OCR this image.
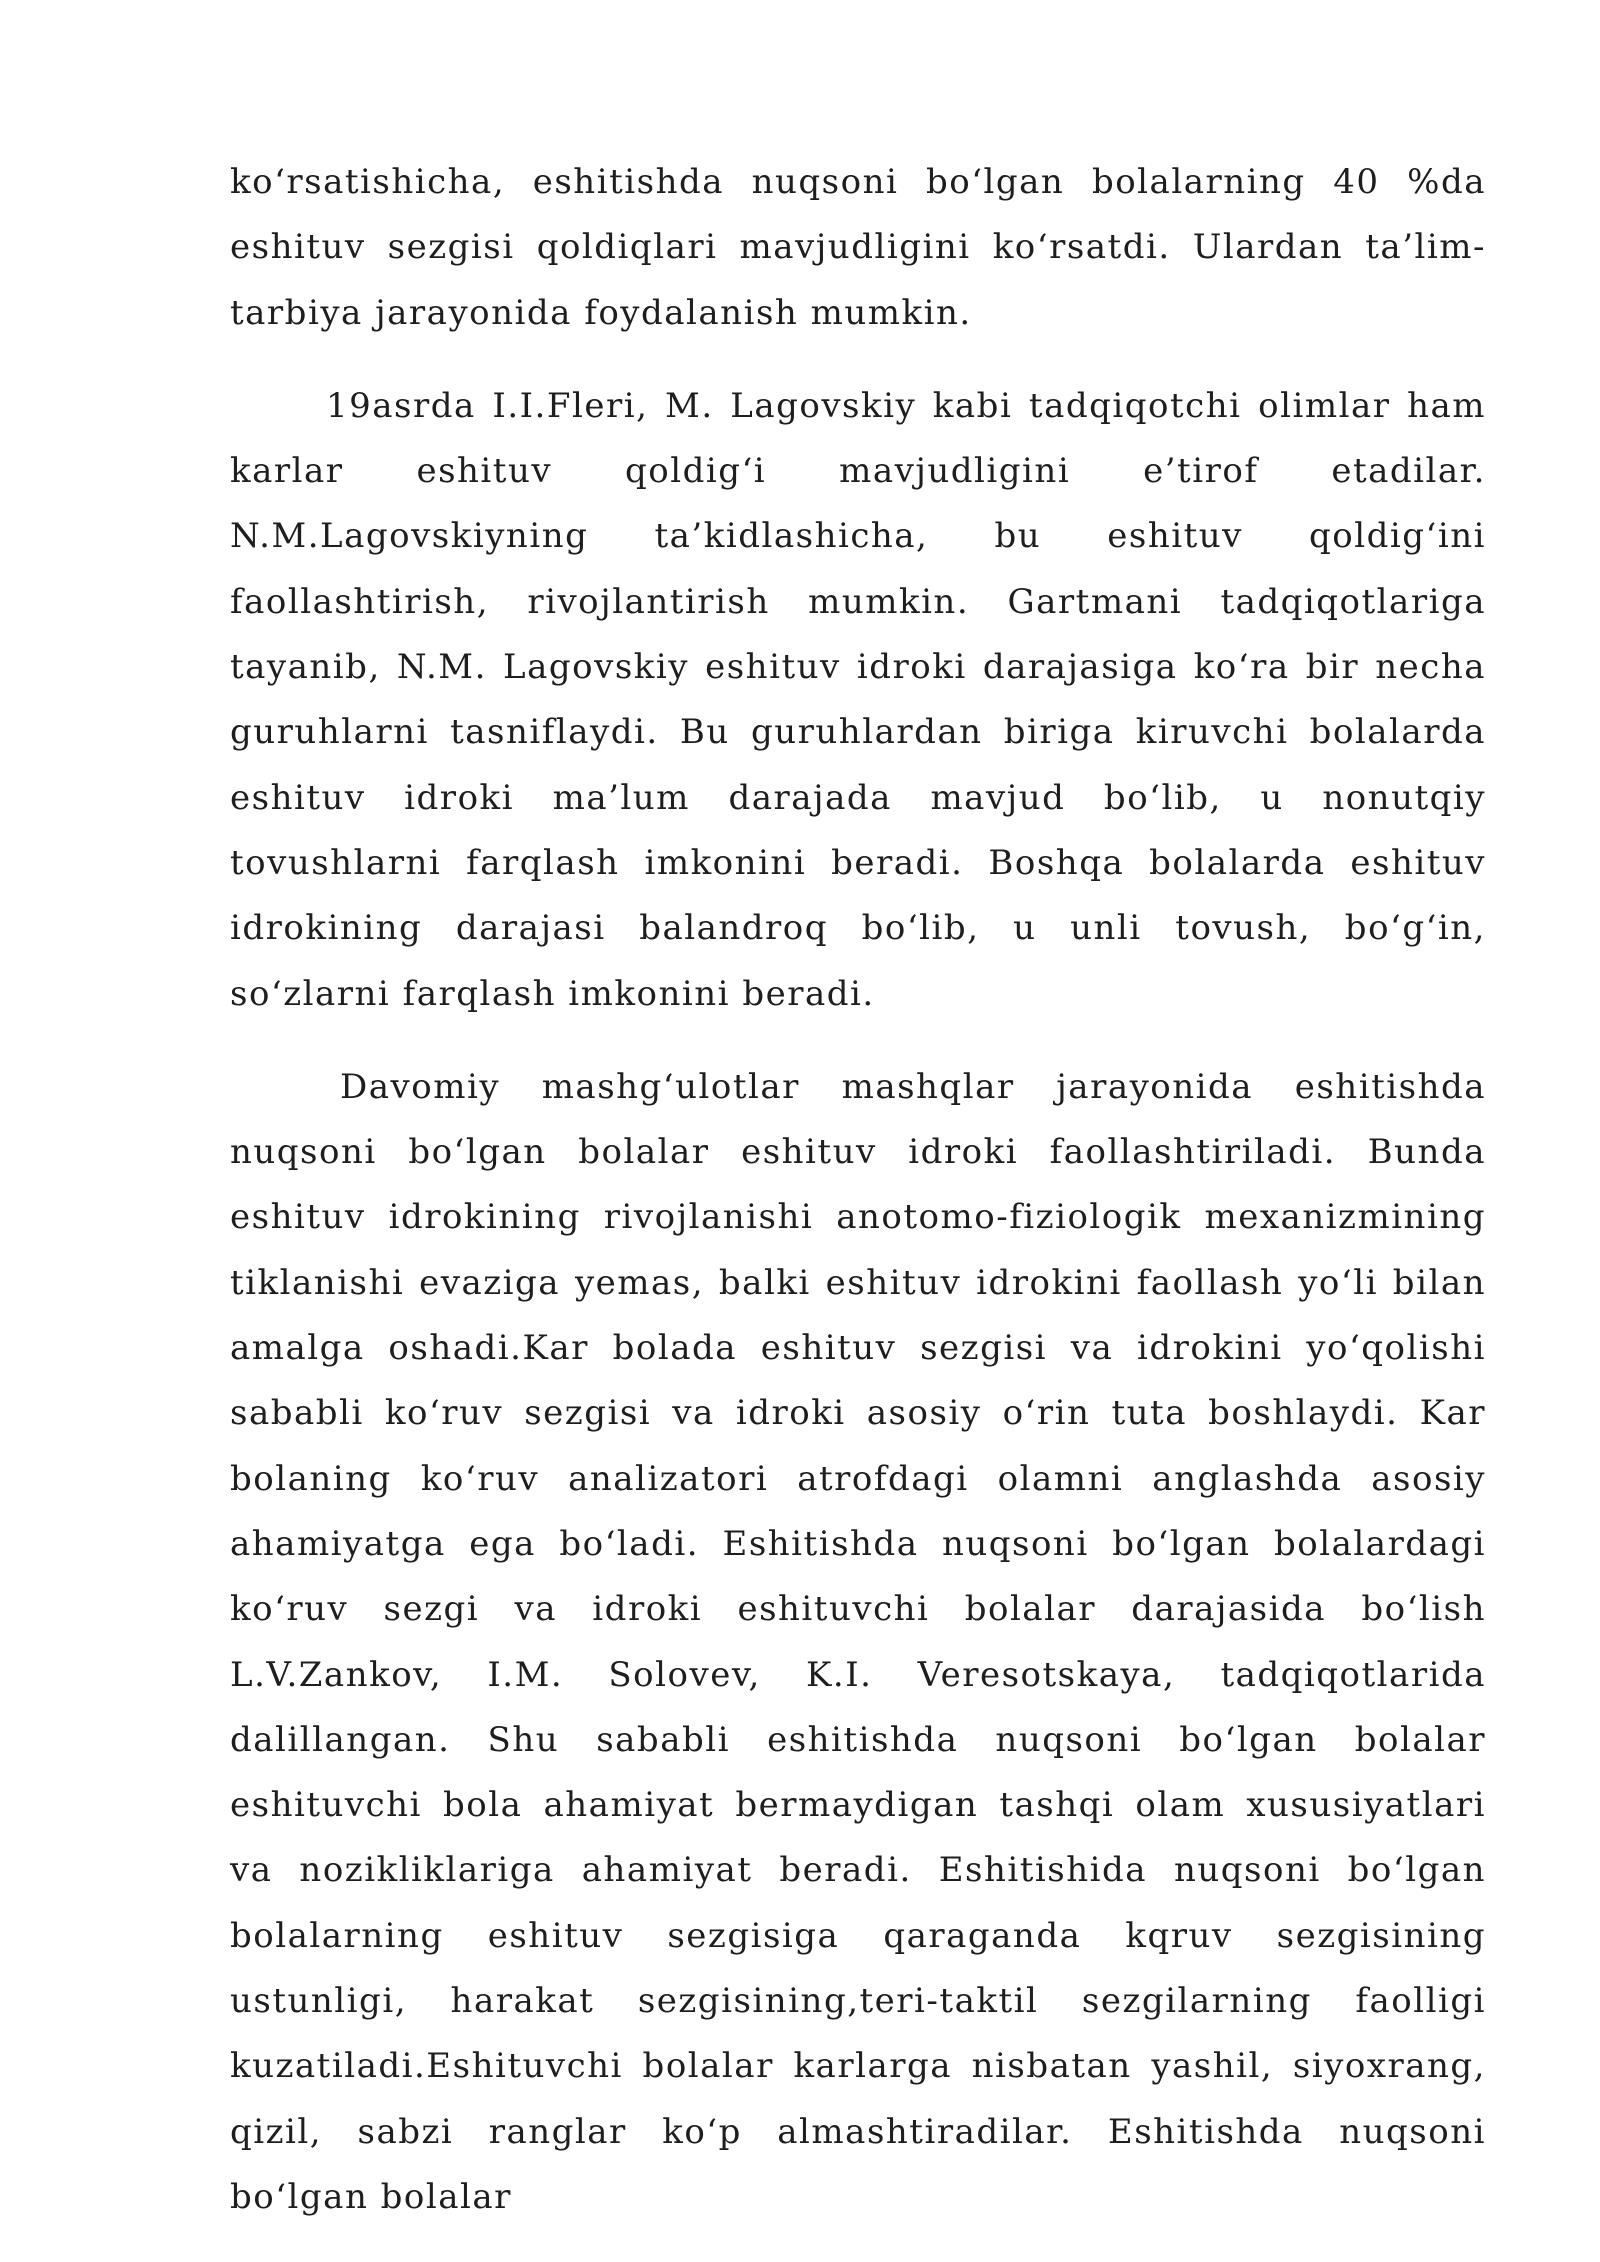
ko‘rsatishicha, eshitishda nuqsoni bo‘lgan bolalarning 40 %da eshituv sezgisi qoldiqlari mavjudligini ko‘rsatdi. Ulardan ta’lim-tarbiya jarayonida foydalanish mumkin.

19asrda I.I.Fleri, M. Lagovskiy kabi tadqiqotchi olimlar ham karlar eshituv qoldig‘i mavjudligini e’tirof etadilar. N.M.Lagovskiyning ta’kidlashicha, bu eshituv qoldig‘ini faollashtirish, rivojlantirish mumkin. Gartmani tadqiqotlariga tayanib, N.M. Lagovskiy eshituv idroki darajasiga ko‘ra bir necha guruhlarni tasniflaydi. Bu guruhlardan biriga kiruvchi bolalarda eshituv idroki ma’lum darajada mavjud bo‘lib, u nonutqiy tovushlarni farqlash imkonini beradi. Boshqa bolalarda eshituv idrokining darajasi balandroq bo‘lib, u unli tovush, bo‘g‘in, so‘zlarni farqlash imkonini beradi.

Davomiy mashg‘ulotlar mashqlar jarayonida eshitishda nuqsoni bo‘lgan bolalar eshituv idroki faollashtiriladi. Bunda eshituv idrokining rivojlanishi anotomo-fiziologik mexanizmining tiklanishi evaziga yemas, balki eshituv idrokini faollash yo‘li bilan amalga oshadi.Kar bolada eshituv sezgisi va idrokini yo‘qolishi sababli ko‘ruv sezgisi va idroki asosiy o‘rin tuta boshlaydi. Kar bolaning ko‘ruv analizatori atrofdagi olamni anglashda asosiy ahamiyatga ega bo‘ladi. Eshitishda nuqsoni bo‘lgan bolalardagi ko‘ruv sezgi va idroki eshituvchi bolalar darajasida bo‘lish L.V.Zankov, I.M. Solovev, K.I. Veresotskaya, tadqiqotlarida dalillangan. Shu sababli eshitishda nuqsoni bo‘lgan bolalar eshituvchi bola ahamiyat bermaydigan tashqi olam xususiyatlari va nozikliklariga ahamiyat beradi. Eshitishida nuqsoni bo‘lgan bolalarning eshituv sezgisiga qaraganda kqruv sezgisining ustunligi, harakat sezgisining,teri-taktil sezgilarning faolligi kuzatiladi.Eshituvchi bolalar karlarga nisbatan yashil, siyoxrang, qizil, sabzi ranglar ko‘p almashtiradilar. Eshitishda nuqsoni bo‘lgan bolalar
